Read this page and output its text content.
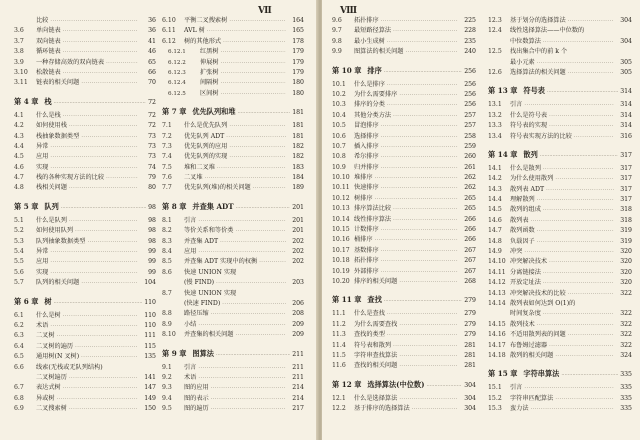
Ⅶ
比较 ·····	36
3.6	单向链表 ·····	36
3.7	双向链表 ·····	41
3.8	循环链表 ·····	46
3.9	一种存储高效的双向链表 ·····	65
3.10	松散链表 ·····	66
3.11	链表的相关问题 ·····	70
第 4 章 栈 ·····	72
4.1	什么是栈 ·····	72
4.2	如何使用栈 ·····	72
4.3	栈抽象数据类型 ·····	73
4.4	异常 ·····	73
4.5	应用 ·····	73
4.6	实现 ·····	74
4.7	栈的各种实现方法的比较 ·····	79
4.8	栈相关问题 ·····	80
第 5 章 队列 ·····	98
5.1	什么是队列 ·····	98
5.2	如何使用队列 ·····	98
5.3	队列抽象数据类型 ·····	98
5.4	异常 ·····	99
5.5	应用 ·····	99
5.6	实现 ·····	99
5.7	队列的相关问题 ·····	104
第 6 章 树 ·····	110
6.1	什么是树 ·····	110
6.2	术语 ·····	110
6.3	二叉树 ·····	111
6.4	二叉树的遍历 ·····	115
6.5	通用树(N 叉树) ·····	135
6.6	线索(无栈或无队列结构)
二叉树遍历 ·····	141
6.7	表达式树 ·····	147
6.8	异或树 ·····	149
6.9	二叉搜索树 ·····	150
6.10	平衡二叉搜索树 ·····	164
6.11	AVL 树 ·····	165
6.12	树的其他形式 ·····	178
6.12.1	红黑树 ·····	179
6.12.2	伸展树 ·····	179
6.12.3	扩张树 ·····	179
6.12.4	间隔树 ·····	180
6.12.5	区间树 ·····	180
第 7 章 优先队列和堆 ·····	181
7.1	什么是优先队列 ·····	181
7.2	优先队列 ADT ·····	181
7.3	优先队列的应用 ·····	182
7.4	优先队列的实现 ·····	182
7.5	堆和二叉堆 ·····	183
7.6	二叉堆 ·····	184
7.7	优先队列(堆)的相关问题 ·····	189
第 8 章 并查集 ADT ·····	201
8.1	引言 ·····	201
8.2	等价关系和等价类 ·····	201
8.3	并查集 ADT ·····	202
8.4	应用 ·····	202
8.5	并查集 ADT 实现中的权衡 ·····	202
8.6	快速 UNION 实现
(慢 FIND) ·····	203
8.7	快速 UNION 实现
(快速 FIND) ·····	206
8.8	路径压缩 ·····	208
8.9	小结 ·····	209
8.10	并查集的相关问题 ·····	209
第 9 章 图算法 ·····	211
9.1	引言 ·····	211
9.2	术语 ·····	211
9.3	图的应用 ·····	214
9.4	图的表示 ·····	214
9.5	图的遍历 ·····	217
Ⅷ
9.6	拓扑排序 ·····	225
9.7	最短路径算法 ·····	228
9.8	最小生成树 ·····	235
9.9	图算法的相关问题 ·····	240
第 10 章 排序 ·····	256
10.1	什么是排序 ·····	256
10.2	为什么需要排序 ·····	256
10.3	排序的分类 ·····	256
10.4	其他分类方法 ·····	257
10.5	冒泡排序 ·····	257
10.6	选择排序 ·····	258
10.7	插入排序 ·····	259
10.8	希尔排序 ·····	260
10.9	归并排序 ·····	261
10.10 堆排序 ·····	262
10.11 快速排序 ·····	262
10.12 树排序 ·····	265
10.13 排序算法比较 ·····	265
10.14 线性排序算法 ·····	266
10.15 计数排序 ·····	266
10.16 桶排序 ·····	266
10.17 基数排序 ·····	267
10.18 拓扑排序 ·····	267
10.19 外部排序 ·····	267
10.20 排序的相关问题 ·····	268
第 11 章 查找 ·····	279
11.1	什么是查找 ·····	279
11.2	为什么需要查找 ·····	279
11.3	查找的类型 ·····	279
11.4	符号表和散列 ·····	281
11.5	字符串查找算法 ·····	281
11.6	查找的相关问题 ·····	281
第 12 章 选择算法(中位数) ·····	304
12.1	什么是选择算法 ·····	304
12.2	基于排序的选择算法 ·····	304
12.3	基于划分的选择算法 ·····	304
12.4	线性选择算法——中位数的
中位数算法 ·····	304
12.5	找出集合中的前 k 个
最小元素 ·····	305
12.6	选择算法的相关问题 ·····	305
第 13 章 符号表 ·····	314
13.1	引言 ·····	314
13.2	什么是符号表 ·····	314
13.3	符号表的实现 ·····	314
13.4	符号表实现方法的比较 ·····	316
第 14 章 散列 ·····	317
14.1	什么是散列 ·····	317
14.2	为什么使用散列 ·····	317
14.3	散列表 ADT ·····	317
14.4	理解散列 ·····	317
14.5	散列的组成 ·····	318
14.6	散列表 ·····	318
14.7	散列函数 ·····	319
14.8	负载因子 ·····	319
14.9	冲突 ·····	320
14.10 冲突解决技术 ·····	320
14.11 分离链接法 ·····	320
14.12 开放定址法 ·····	320
14.13 冲突解决技术的比较 ·····	322
14.14 散列表如何达到 O(1)的
时间复杂度 ·····	322
14.15 散列技术 ·····	322
14.16 不适用散列表的问题 ·····	322
14.17 布鲁姆过滤器 ·····	322
14.18 散列的相关问题 ·····	324
第 15 章 字符串算法 ·····	335
15.1	引言 ·····	335
15.2	字符串匹配算法 ·····	335
15.3	蛮力法 ·····	335
